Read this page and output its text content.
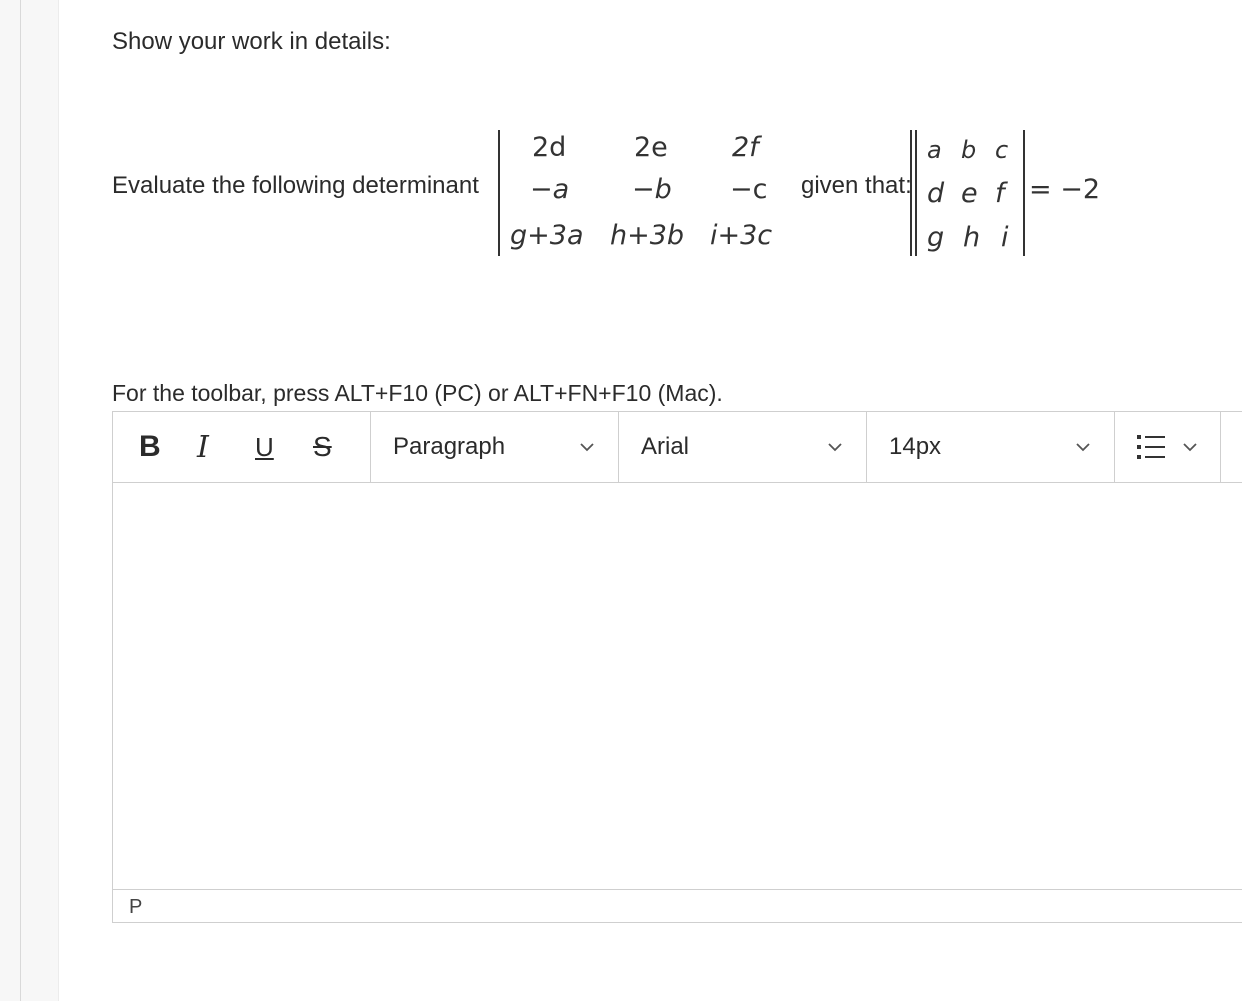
Show your work in details:
Evaluate the following determinant
2d	2e 2f
−a −b −c
g+3a h+3b i+3c
given that:
a b c
d e f
g h i
= −2
For the toolbar, press ALT+F10 (PC) or ALT+FN+F10 (Mac).
B	I	U	S	Paragraph	Arial	14px
P
